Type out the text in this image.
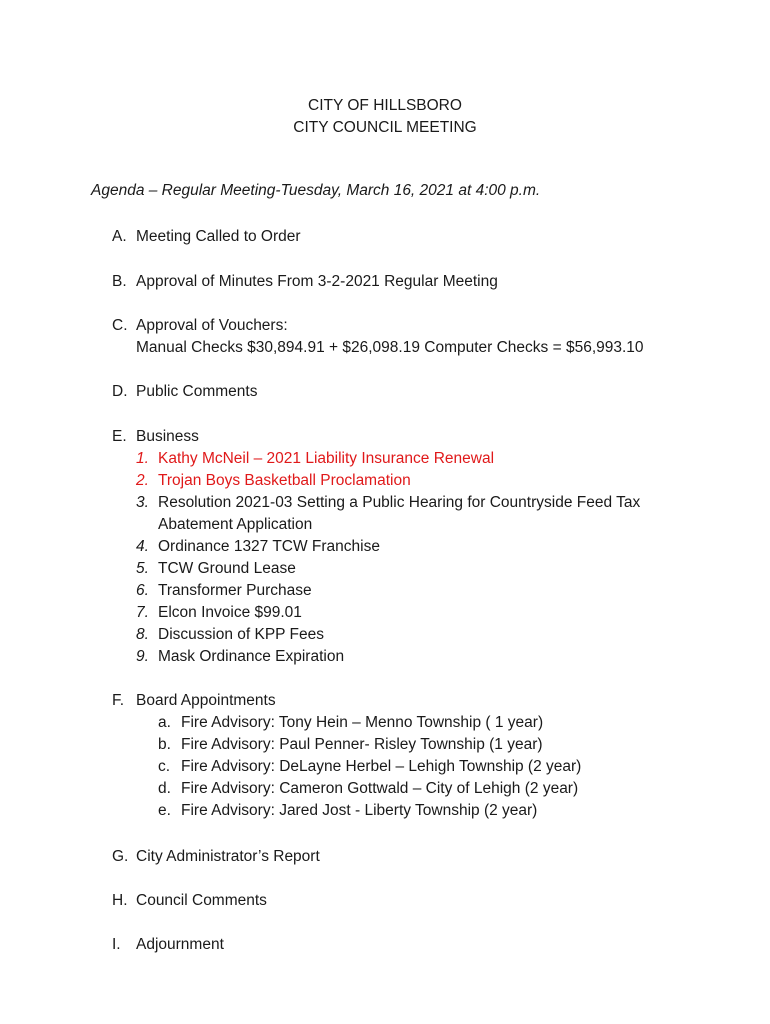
CITY OF HILLSBORO
CITY COUNCIL MEETING
Agenda – Regular Meeting-Tuesday, March 16, 2021 at 4:00 p.m.
A. Meeting Called to Order
B. Approval of Minutes From 3-2-2021 Regular Meeting
C. Approval of Vouchers:
Manual Checks $30,894.91 + $26,098.19 Computer Checks = $56,993.10
D. Public Comments
E. Business
1. Kathy McNeil – 2021 Liability Insurance Renewal
2. Trojan Boys Basketball Proclamation
3. Resolution 2021-03 Setting a Public Hearing for Countryside Feed Tax
Abatement Application
4. Ordinance 1327 TCW Franchise
5. TCW Ground Lease
6. Transformer Purchase
7. Elcon Invoice $99.01
8. Discussion of KPP Fees
9. Mask Ordinance Expiration
F. Board Appointments
a. Fire Advisory: Tony Hein – Menno Township ( 1 year)
b. Fire Advisory: Paul Penner- Risley Township (1 year)
c. Fire Advisory: DeLayne Herbel – Lehigh Township (2 year)
d. Fire Advisory: Cameron Gottwald – City of Lehigh (2 year)
e. Fire Advisory: Jared Jost - Liberty Township (2 year)
G. City Administrator’s Report
H. Council Comments
I. Adjournment
